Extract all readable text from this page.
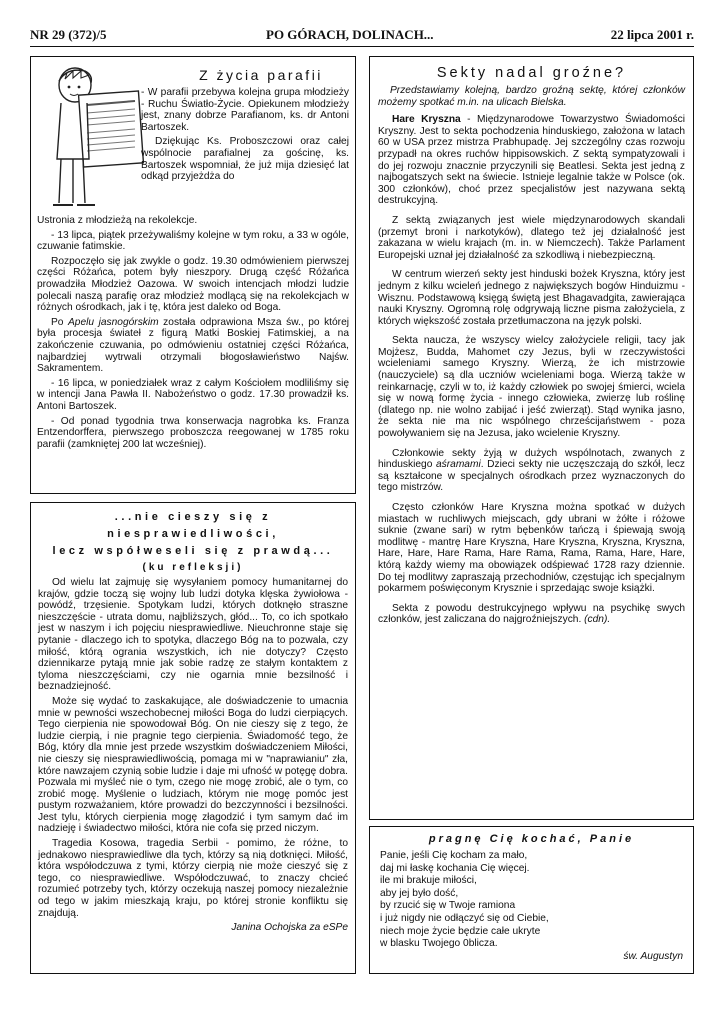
NR 29 (372)/5	PO GÓRACH, DOLINACH...	22 lipca 2001 r.
Z życia parafii

- W parafii przebywa kolejna grupa młodzieży - Ruchu Światło-Życie. Opiekunem młodzieży jest, znany dobrze Parafianom, ks. dr Antoni Bartoszek.

Dziękując Ks. Proboszczowi oraz całej wspólnocie parafialnej za gościnę, ks. Bartoszek wspomniał, że już mija dziesięć lat odkąd przyjeżdża do

Ustronia z młodzieżą na rekolekcje.

- 13 lipca, piątek przeżywaliśmy kolejne w tym roku, a 33 w ogóle, czuwanie fatimskie.

Rozpoczęło się jak zwykle o godz. 19.30 odmówieniem pierwszej części Różańca, potem były nieszpory. Drugą część Różańca prowadziła Młodzież Oazowa. W swoich intencjach młodzi ludzie polecali naszą parafię oraz młodzież modlącą się na rekolekcjach w różnych ośrodkach, jak i tę, która jest daleko od Boga.

Po Apelu jasnogórskim została odprawiona Msza św., po której była procesja świateł z figurą Matki Boskiej Fatimskiej, a na zakończenie czuwania, po odmówieniu ostatniej części Różańca, najbardziej wytrwali otrzymali błogosławieństwo Najśw. Sakramentem.

- 16 lipca, w poniedziałek wraz z całym Kościołem modliliśmy się w intencji Jana Pawła II. Nabożeństwo o godz. 17.30 prowadził ks. Antoni Bartoszek.

- Od ponad tygodnia trwa konserwacja nagrobka ks. Franza Entzendorffera, pierwszego proboszcza reegowanej w 1785 roku parafii (zamkniętej 200 lat wcześniej).

...nie cieszy się z niesprawiedliwości,
lecz współweseli się z prawdą...
(ku refleksji)

Od wielu lat zajmuję się wysyłaniem pomocy humanitarnej do krajów, gdzie toczą się wojny lub ludzi dotyka klęska żywiołowa - powódź, trzęsienie. Spotykam ludzi, których dotknęło straszne nieszczęście - utrata domu, najbliższych, głód... To, co ich spotkało jest w naszym i ich pojęciu niesprawiedliwe. Nieuchronne staje się pytanie - dlaczego ich to spotyka, dlaczego Bóg na to pozwala, czy miłość, którą ogrania wszystkich, ich nie dotyczy? Często dziennikarze pytają mnie jak sobie radzę ze stałym kontaktem z tyloma nieszczęściami, czy nie ogarnia mnie bezsilność i beznadziejność.

Może się wydać to zaskakujące, ale doświadczenie to umacnia mnie w pewności wszechobecnej miłości Boga do ludzi cierpiących. Tego cierpienia nie spowodował Bóg. On nie cieszy się z tego, że ludzie cierpią, i nie pragnie tego cierpienia. Świadomość tego, że Bóg, który dla mnie jest przede wszystkim doświadczeniem Miłości, nie cieszy się niesprawiedliwością, pomaga mi w "naprawianiu" zła, które nawzajem czynią sobie ludzie i daje mi ufność w potęgę dobra. Pozwala mi myśleć nie o tym, czego nie mogę zrobić, ale o tym, co zrobić mogę. Myślenie o ludziach, którym nie mogę pomóc jest pustym rozważaniem, które prowadzi do bezczynności i bezsilności. Jest tylu, których cierpienia mogę złagodzić i tym samym dać im nadzieję i świadectwo miłości, która nie cofa się przed niczym.

Tragedia Kosowa, tragedia Serbii - pomimo, że różne, to jednakowo niesprawiedliwe dla tych, którzy są nią dotknięci. Miłość, która współodczuwa z tymi, którzy cierpią nie może cieszyć się z tego, co niesprawiedliwe. Współodczuwać, to znaczy chcieć rozumieć potrzeby tych, którzy oczekują naszej pomocy niezależnie od tego w jakim mieszkają kraju, po której stronie konfliktu się znajdują.

Janina Ochojska za eSPe
Sekty nadal groźne?

Przedstawiamy kolejną, bardzo groźną sektę, której członków możemy spotkać m.in. na ulicach Bielska.

Hare Kryszna - Międzynarodowe Towarzystwo Świadomości Kryszny. Jest to sekta pochodzenia hinduskiego, założona w latach 60 w USA przez mistrza Prabhupadę. Jej szczególny czas rozwoju przypadł na okres ruchów hippisowskich. Z sektą sympatyzowali i do jej rozwoju znacznie przyczynili się Beatlesi. Sekta jest jedną z najbogatszych sekt na świecie. Istnieje legalnie także w Polsce (ok. 300 członków), choć przez specjalistów jest nazywana sektą destrukcyjną.

Z sektą związanych jest wiele międzynarodowych skandali (przemyt broni i narkotyków), dlatego też jej działalność jest zakazana w wielu krajach (m. in. w Niemczech). Także Parlament Europejski uznał jej działalność za szkodliwą i niebezpieczną.

W centrum wierzeń sekty jest hinduski bożek Kryszna, który jest jednym z kilku wcieleń jednego z największych bogów Hinduizmu - Wisznu. Podstawową księgą świętą jest Bhagavadgita, zawierająca nauki Kryszny. Ogromną rolę odgrywają liczne pisma założyciela, z których większość została przetłumaczona na język polski.

Sekta naucza, że wszyscy wielcy założyciele religii, tacy jak Mojżesz, Budda, Mahomet czy Jezus, byli w rzeczywistości wcieleniami samego Kryszny. Wierzą, że ich mistrzowie (nauczyciele) są dla uczniów wcieleniami boga. Wierzą także w reinkarnację, czyli w to, iż każdy człowiek po swojej śmierci, wciela się w nową formę życia - innego człowieka, zwierzę lub roślinę (dlatego np. nie wolno zabijać i jeść zwierząt). Stąd wynika jasno, że sekta nie ma nic wspólnego chrześcijaństwem - poza powoływaniem się na Jezusa, jako wcielenie Kryszny.

Członkowie sekty żyją w dużych wspólnotach, zwanych z hinduskiego aśramami. Dzieci sekty nie uczęszczają do szkół, lecz są kształcone w specjalnych ośrodkach przez wyznaczonych do tego mistrzów.

Często członków Hare Kryszna można spotkać w dużych miastach w ruchliwych miejscach, gdy ubrani w żółte i różowe suknie (zwane sari) w rytm bębenków tańczą i śpiewają swoją modlitwę - mantrę Hare Kryszna, Hare Kryszna, Kryszna, Kryszna, Hare, Hare, Hare Rama, Hare Rama, Rama, Rama, Hare, Hare, którą każdy wiemy ma obowiązek odśpiewać 1728 razy dziennie. Do tej modlitwy zapraszają przechodniów, częstując ich specjalnym pokarmem poświęconym Krysznie i sprzedając swoje książki.

Sekta z powodu destrukcyjnego wpływu na psychikę swych członków, jest zaliczana do najgroźniejszych. (cdn).

pragnę Cię kochać, Panie
Panie, jeśli Cię kocham za mało,
daj mi łaskę kochania Cię więcej.
ile mi brakuje miłości,
aby jej było dość,
by rzucić się w Twoje ramiona
i już nigdy nie odłączyć się od Ciebie,
niech moje życie będzie całe ukryte
w blasku Twojego 0blicza.
św. Augustyn
